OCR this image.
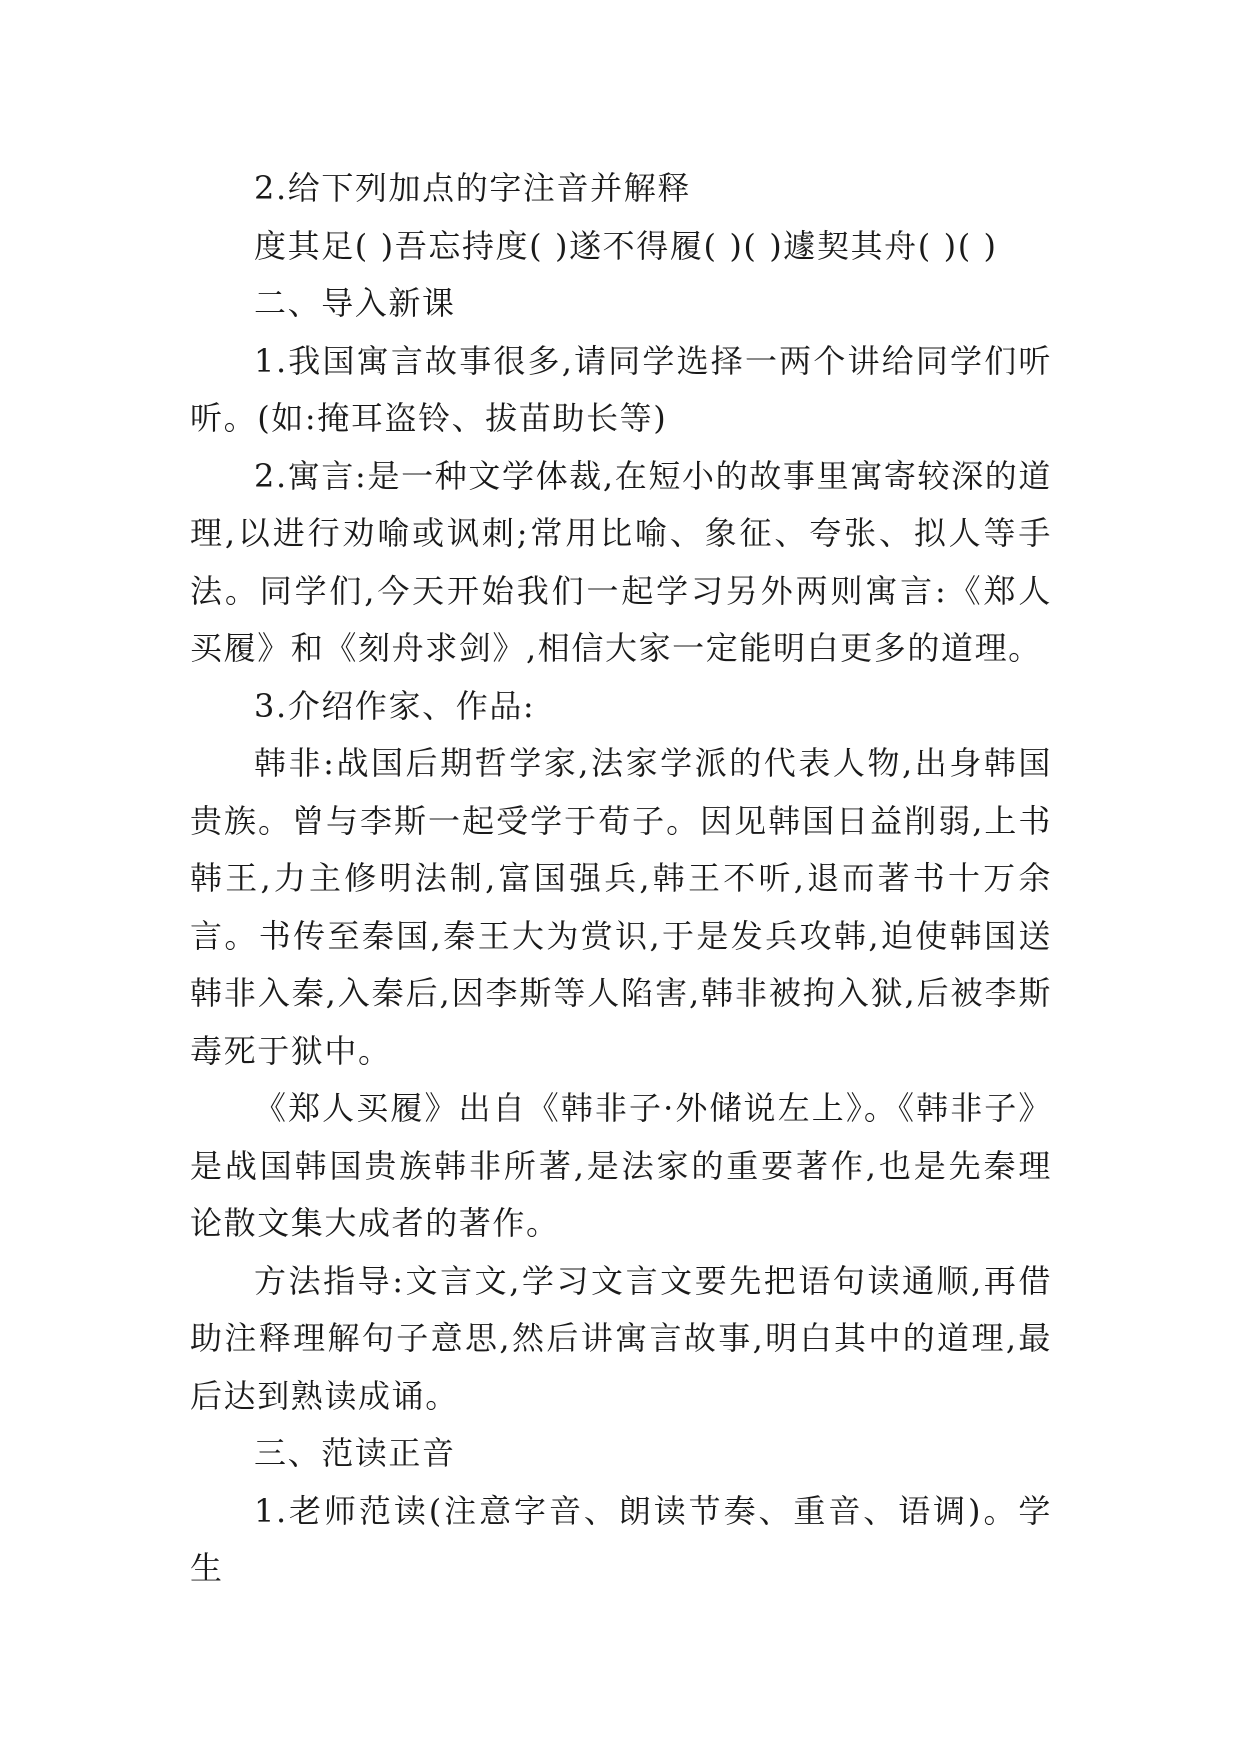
2.给下列加点的字注音并解释

度其足( )吾忘持度( )遂不得履( )( )遽契其舟( )( )

二、导入新课

1.我国寓言故事很多,请同学选择一两个讲给同学们听听。(如:掩耳盗铃、拔苗助长等)

2.寓言:是一种文学体裁,在短小的故事里寓寄较深的道理,以进行劝喻或讽刺;常用比喻、象征、夸张、拟人等手法。同学们,今天开始我们一起学习另外两则寓言:《郑人买履》和《刻舟求剑》,相信大家一定能明白更多的道理。

3.介绍作家、作品:

韩非:战国后期哲学家,法家学派的代表人物,出身韩国贵族。曾与李斯一起受学于荀子。因见韩国日益削弱,上书韩王,力主修明法制,富国强兵,韩王不听,退而著书十万余言。书传至秦国,秦王大为赏识,于是发兵攻韩,迫使韩国送韩非入秦,入秦后,因李斯等人陷害,韩非被拘入狱,后被李斯毒死于狱中。

《郑人买履》出自《韩非子·外储说左上》。《韩非子》是战国韩国贵族韩非所著,是法家的重要著作,也是先秦理论散文集大成者的著作。

方法指导:文言文,学习文言文要先把语句读通顺,再借助注释理解句子意思,然后讲寓言故事,明白其中的道理,最后达到熟读成诵。

三、范读正音

1.老师范读(注意字音、朗读节奏、重音、语调)。学生
